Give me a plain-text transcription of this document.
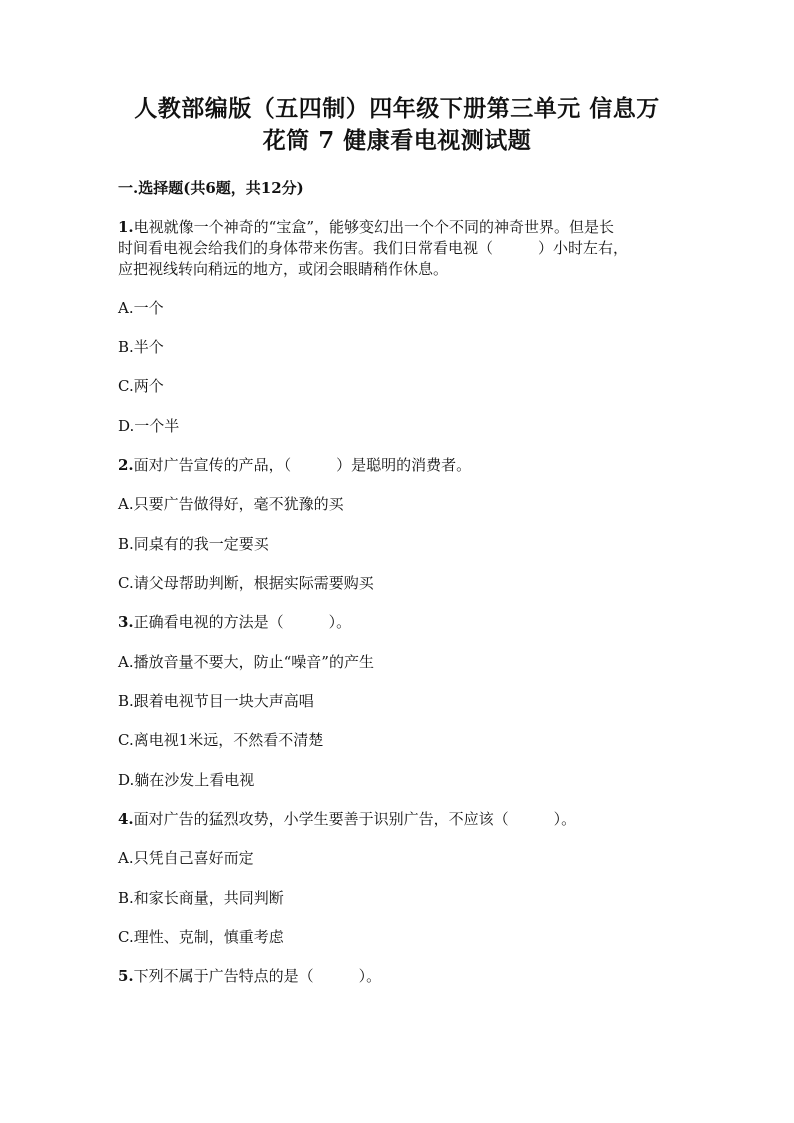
人教部编版（五四制）四年级下册第三单元 信息万
花筒 7 健康看电视测试题
一.选择题(共6题，共12分)
1.电视就像一个神奇的“宝盒”，能够变幻出一个个不同的神奇世界。但是长
时间看电视会给我们的身体带来伤害。我们日常看电视（　　　）小时左右，
应把视线转向稍远的地方，或闭会眼睛稍作休息。
A.一个
B.半个
C.两个
D.一个半
2.面对广告宣传的产品，（　　　）是聪明的消费者。
A.只要广告做得好，毫不犹豫的买
B.同桌有的我一定要买
C.请父母帮助判断，根据实际需要购买
3.正确看电视的方法是（　　　）。
A.播放音量不要大，防止“噪音”的产生
B.跟着电视节目一块大声高唱
C.离电视1米远，不然看不清楚
D.躺在沙发上看电视
4.面对广告的猛烈攻势，小学生要善于识别广告，不应该（　　　）。
A.只凭自己喜好而定
B.和家长商量，共同判断
C.理性、克制，慎重考虑
5.下列不属于广告特点的是（　　　）。
